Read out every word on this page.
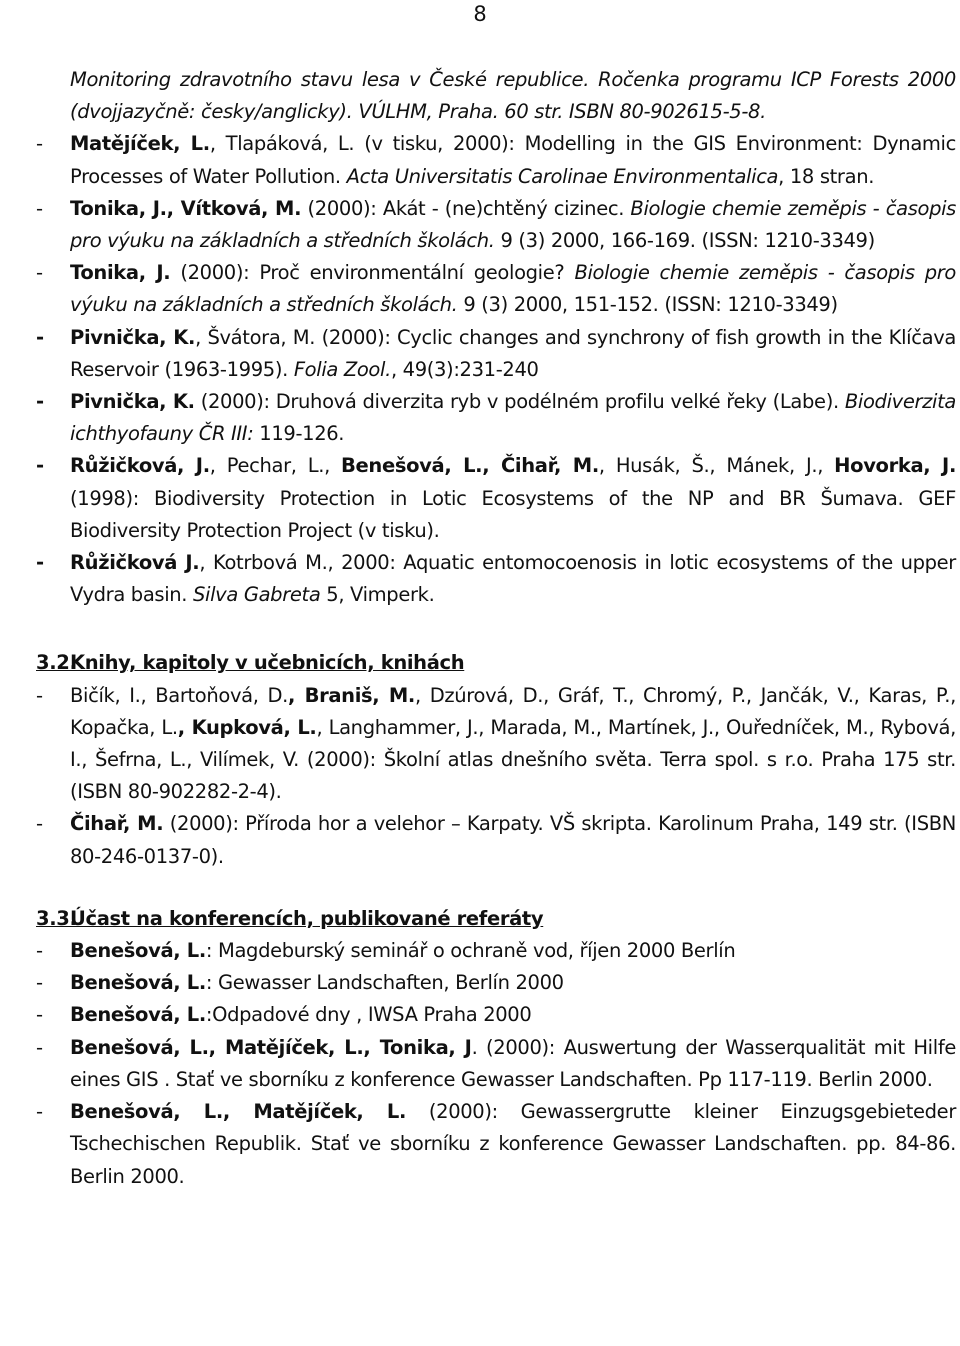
8
Monitoring zdravotního stavu lesa v České republice. Ročenka programu ICP Forests 2000 (dvojjazyčně: česky/anglicky). VÚLHM, Praha. 60 str. ISBN 80-902615-5-8.
- Matějíček, L., Tlapáková, L. (v tisku, 2000): Modelling in the GIS Environment: Dynamic Processes of Water Pollution. Acta Universitatis Carolinae Environmentalica, 18 stran.
- Tonika, J., Vítková, M. (2000): Akát - (ne)chtěný cizinec. Biologie chemie zeměpis - časopis pro výuku na základních a středních školách. 9 (3) 2000, 166-169. (ISSN: 1210-3349)
- Tonika, J. (2000): Proč environmentální geologie? Biologie chemie zeměpis - časopis pro výuku na základních a středních školách. 9 (3) 2000, 151-152. (ISSN: 1210-3349)
- Pivnička, K., Švátora, M. (2000): Cyclic changes and synchrony of fish growth in the Klíčava Reservoir (1963-1995). Folia Zool., 49(3):231-240
- Pivnička, K. (2000): Druhová diverzita ryb v podélném profilu velké řeky (Labe). Biodiverzita ichthyofauny ČR III: 119-126.
- Růžičková, J., Pechar, L., Benešová, L., Čihař, M., Husák, Š., Mánek, J., Hovorka, J. (1998): Biodiversity Protection in Lotic Ecosystems of the NP and BR Šumava. GEF Biodiversity Protection Project (v tisku).
- Růžičková J., Kotrbová M., 2000: Aquatic entomocoenosis in lotic ecosystems of the upper Vydra basin. Silva Gabreta 5, Vimperk.
3.2.Knihy, kapitoly v učebnicích, knihách
- Bičík, I., Bartoňová, D., Braniš, M., Dzúrová, D., Gráf, T., Chromý, P., Jančák, V., Karas, P., Kopačka, L., Kupková, L., Langhammer, J., Marada, M., Martínek, J., Ouředníček, M., Rybová, I., Šefrna, L., Vilímek, V. (2000): Školní atlas dnešního světa. Terra spol. s r.o. Praha 175 str. (ISBN 80-902282-2-4).
- Čihař, M. (2000): Příroda hor a velehor – Karpaty. VŠ skripta. Karolinum Praha, 149 str. (ISBN 80-246-0137-0).
3.3.Účast na konferencích, publikované referáty
- Benešová, L.: Magdeburský seminář o ochraně vod, říjen 2000 Berlín
- Benešová, L.: Gewasser Landschaften, Berlín 2000
- Benešová, L.:Odpadové dny , IWSA Praha 2000
- Benešová, L., Matějíček, L., Tonika, J. (2000): Auswertung der Wasserqualität mit Hilfe eines GIS . Stať ve sborníku z konference Gewasser Landschaften. Pp 117-119. Berlin 2000.
- Benešová, L., Matějíček, L. (2000): Gewassergrutte kleiner Einzugsgebieteder Tschechischen Republik. Stať ve sborníku z konference Gewasser Landschaften. pp. 84-86. Berlin 2000.
